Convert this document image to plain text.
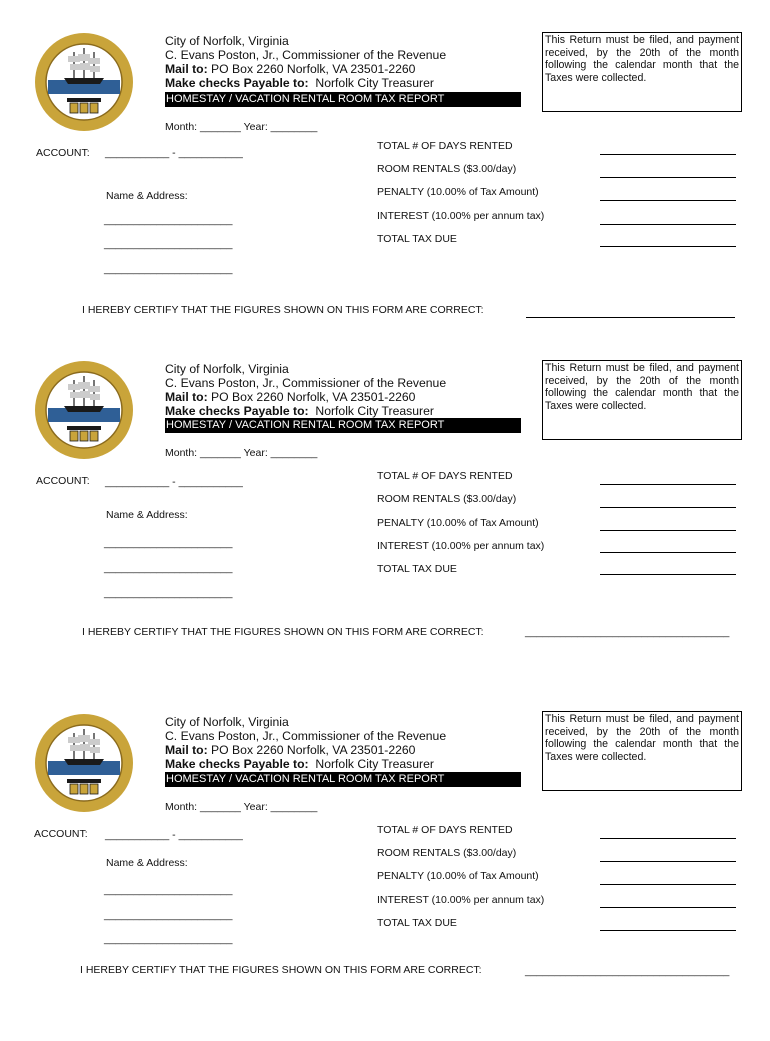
City of Norfolk, Virginia
C. Evans Poston, Jr., Commissioner of the Revenue
Mail to: PO Box 2260 Norfolk, VA 23501-2260
Make checks Payable to: Norfolk City Treasurer
HOMESTAY / VACATION RENTAL ROOM TAX REPORT
This Return must be filed, and payment received, by the 20th of the month following the calendar month that the Taxes were collected.
Month: _______ Year: ________
ACCOUNT: ___________ - ___________
Name & Address:
______________________
______________________
______________________
TOTAL # OF DAYS RENTED
ROOM RENTALS ($3.00/day)
PENALTY (10.00% of Tax Amount)
INTEREST (10.00% per annum tax)
TOTAL TAX DUE
I HEREBY CERTIFY THAT THE FIGURES SHOWN ON THIS FORM ARE CORRECT:
City of Norfolk, Virginia
C. Evans Poston, Jr., Commissioner of the Revenue
Mail to: PO Box 2260 Norfolk, VA 23501-2260
Make checks Payable to: Norfolk City Treasurer
HOMESTAY / VACATION RENTAL ROOM TAX REPORT
This Return must be filed, and payment received, by the 20th of the month following the calendar month that the Taxes were collected.
Month: _______ Year: ________
ACCOUNT: ___________ - ___________
Name & Address:
______________________
______________________
______________________
TOTAL # OF DAYS RENTED
ROOM RENTALS ($3.00/day)
PENALTY (10.00% of Tax Amount)
INTEREST (10.00% per annum tax)
TOTAL TAX DUE
I HEREBY CERTIFY THAT THE FIGURES SHOWN ON THIS FORM ARE CORRECT:	___________________________________
City of Norfolk, Virginia
C. Evans Poston, Jr., Commissioner of the Revenue
Mail to: PO Box 2260 Norfolk, VA 23501-2260
Make checks Payable to: Norfolk City Treasurer
HOMESTAY / VACATION RENTAL ROOM TAX REPORT
This Return must be filed, and payment received, by the 20th of the month following the calendar month that the Taxes were collected.
Month: _______ Year: ________
ACCOUNT: ___________ - ___________
Name & Address:
______________________
______________________
______________________
TOTAL # OF DAYS RENTED
ROOM RENTALS ($3.00/day)
PENALTY (10.00% of Tax Amount)
INTEREST (10.00% per annum tax)
TOTAL TAX DUE
I HEREBY CERTIFY THAT THE FIGURES SHOWN ON THIS FORM ARE CORRECT:	___________________________________
